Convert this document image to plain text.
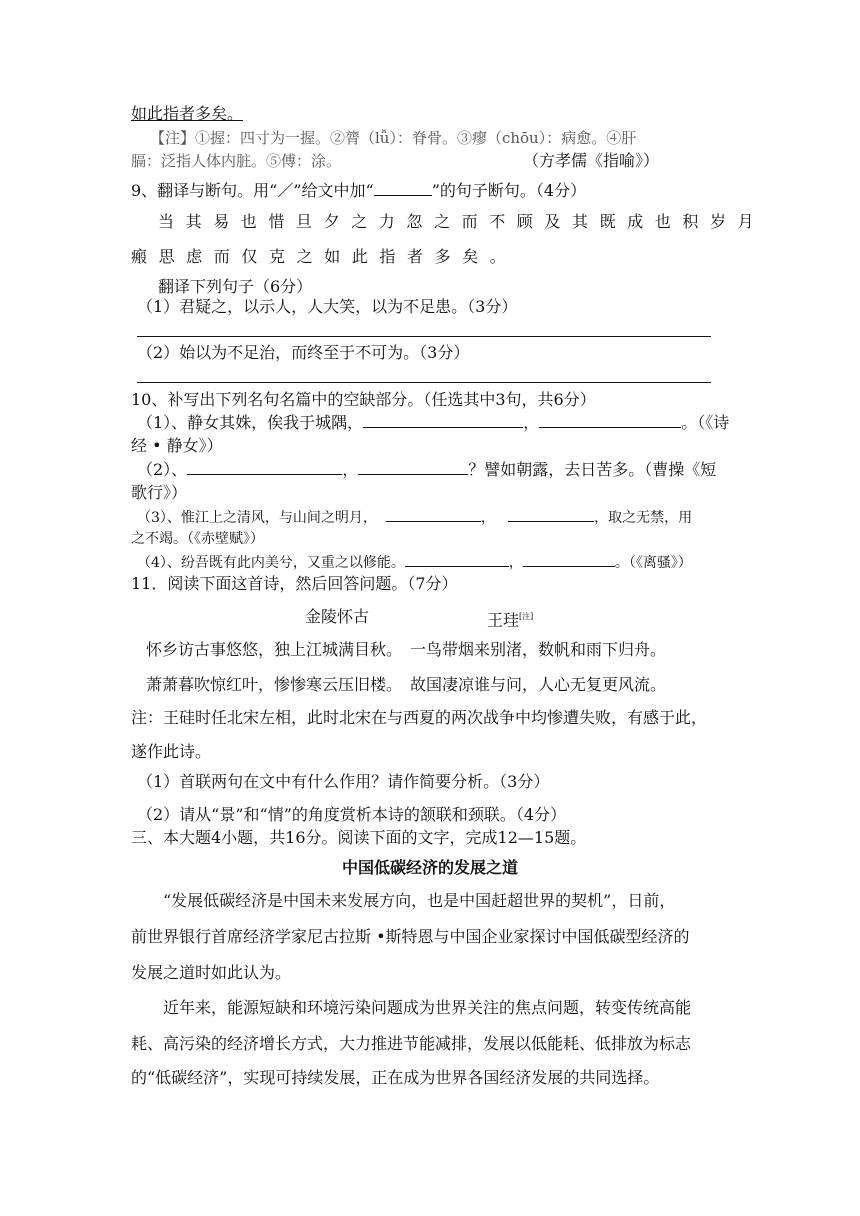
如此指者多矣。
【注】①握：四寸为一握。②膂（lǚ）：脊骨。③瘳（chōu）：病愈。④肝
膈：泛指人体内脏。⑤傅：涂。	（方孝儒《指喻》）
9、翻译与断句。用“／”给文中加“	”的句子断句。（4分）
当其易也惜旦夕之力忽之而不顾及其既成也积岁月
瘢思虑而仅克之如此指者多矣。
翻译下列句子（6分）
（1）君疑之，以示人，人大笑，以为不足患。（3分）
（2）始以为不足治，而终至于不可为。（3分）
10、补写出下列名句名篇中的空缺部分。（任选其中3句，共6分）
（1）、静女其姝，俟我于城隅，	，	。（《诗
经 • 静女》）
（2）、	，	？譬如朝露，去日苦多。（曹操《短
歌行》）
（3）、惟江上之清风，与山间之明月，	，	，取之无禁，用
之不竭。（《赤壁赋》）
（4）、纷吾既有此内美兮，又重之以修能。	，	。（《离骚》）
11．阅读下面这首诗，然后回答问题。（7分）
金陵怀古	王珪[注]
怀乡访古事悠悠，独上江城满目秋。　一鸟带烟来别渚，数帆和雨下归舟。
萧萧暮吹惊红叶，惨惨寒云压旧楼。　故国凄凉谁与问，人心无复更风流。
注：王硅时任北宋左相，此时北宋在与西夏的两次战争中均惨遭失败，有感于此，
遂作此诗。
（1）首联两句在文中有什么作用？请作简要分析。（3分）
（2）请从“景”和“情”的角度赏析本诗的颔联和颈联。（4分）
三、本大题4小题，共16分。阅读下面的文字，完成12—15题。
中国低碳经济的发展之道
“发展低碳经济是中国未来发展方向，也是中国赶超世界的契机”，日前，
前世界银行首席经济学家尼古拉斯 •斯特恩与中国企业家探讨中国低碳型经济的
发展之道时如此认为。
近年来，能源短缺和环境污染问题成为世界关注的焦点问题，转变传统高能
耗、高污染的经济增长方式，大力推进节能减排，发展以低能耗、低排放为标志
的“低碳经济”，实现可持续发展，正在成为世界各国经济发展的共同选择。
